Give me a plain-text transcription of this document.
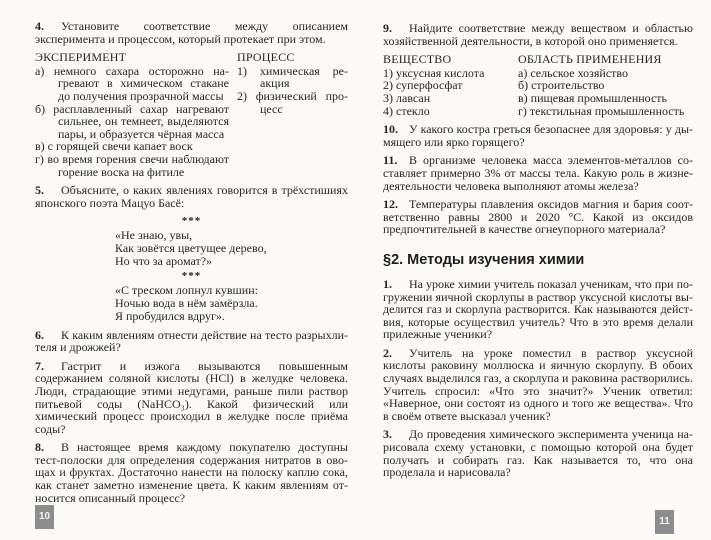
4. Установите соответствие между описанием эксперимента и процессом, который протекает при этом.

ЭКСПЕРИМЕНТ
а) немного сахара осторожно нагревают в химическом стакане до получения прозрачной массы
б) расплавленный сахар нагревают сильнее, он темнеет, выделяются пары, и образуется чёрная масса
в) с горящей свечи капает воск
г) во время горения свечи наблюдают горение воска на фитиле
ПРОЦЕСС
1) химическая реакция
2) физический процесс

5. Объясните, о каких явлениях говорится в трёхстишиях японского поэта Мацуо Басё:

***
«Не знаю, увы,
Как зовётся цветущее дерево,
Но что за аромат?»
***
«С треском лопнул кувшин:
Ночью вода в нём замёрзла.
Я пробудился вдруг».

6. К каким явлениям отнести действие на тесто разрыхлителя и дрожжей?

7. Гастрит и изжога вызываются повышенным содержанием соляной кислоты (HCl) в желудке человека. Люди, страдающие этими недугами, раньше пили раствор питьевой соды (NaHCO₃). Какой физический или химический процесс происходил в желудке после приёма соды?

8. В настоящее время каждому покупателю доступны тест-полоски для определения содержания нитратов в овощах и фруктах. Достаточно нанести на полоску каплю сока, как станет заметно изменение цвета. К каким явлениям относится описанный процесс?

9. Найдите соответствие между веществом и областью хозяйственной деятельности, в которой оно применяется.

ВЕЩЕСТВО
1) уксусная кислота
2) суперфосфат
3) лавсан
4) стекло
ОБЛАСТЬ ПРИМЕНЕНИЯ
а) сельское хозяйство
б) строительство
в) пищевая промышленность
г) текстильная промышленность

10. У какого костра греться безопаснее для здоровья: у дымящего или ярко горящего?

11. В организме человека масса элементов-металлов составляет примерно 3% от массы тела. Какую роль в жизнедеятельности человека выполняют атомы железа?

12. Температуры плавления оксидов магния и бария соответственно равны 2800 и 2020 °C. Какой из оксидов предпочтительней в качестве огнеупорного материала?

§2. Методы изучения химии

1. На уроке химии учитель показал ученикам, что при погружении яичной скорлупы в раствор уксусной кислоты выделится газ и скорлупа растворится. Как называются действия, которые осуществил учитель? Что в это время делали прилежные ученики?

2. Учитель на уроке поместил в раствор уксусной кислоты раковину моллюска и яичную скорлупу. В обоих случаях выделился газ, а скорлупа и раковина растворились. Учитель спросил: «Что это значит?» Ученик ответил: «Наверное, они состоят из одного и того же вещества». Что в своём ответе высказал ученик?

3. До проведения химического эксперимента ученица нарисовала схему установки, с помощью которой она будет получать и собирать газ. Как называется то, что она проделала и нарисовала?

10	11
